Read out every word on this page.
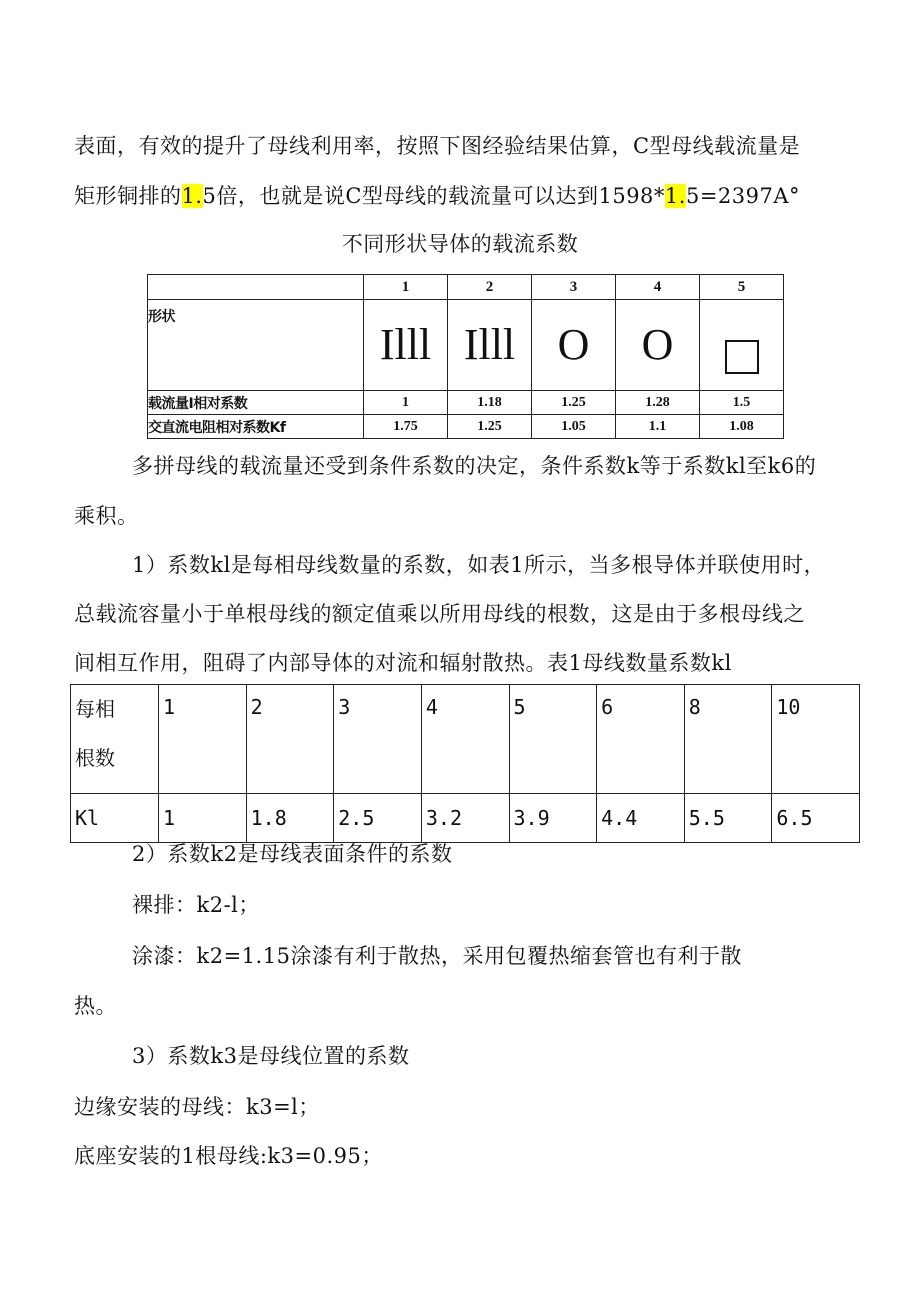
表面，有效的提升了母线利用率，按照下图经验结果估算，C型母线载流量是
矩形铜排的1.5倍，也就是说C型母线的载流量可以达到1598*1.5=2397A°
不同形状导体的载流系数
	1	2	3	4	5
形状	Illl	Illl	O	O	
载流量I相对系数	1	1.18	1.25	1.28	1.5
交直流电阻相对系数Kf	1.75	1.25	1.05	1.1	1.08
多拼母线的载流量还受到条件系数的决定，条件系数k等于系数kl至k6的
乘积。
1）系数kl是每相母线数量的系数，如表1所示，当多根导体并联使用时，
总载流容量小于单根母线的额定值乘以所用母线的根数，这是由于多根母线之
间相互作用，阻碍了内部导体的对流和辐射散热。表1母线数量系数kl
每相
根数	1	2	3	4	5	6	8	10
Kl	1	1.8	2.5	3.2	3.9	4.4	5.5	6.5
2）系数k2是母线表面条件的系数
裸排：k2-l；
涂漆：k2=1.15涂漆有利于散热，采用包覆热缩套管也有利于散
热。
3）系数k3是母线位置的系数
边缘安装的母线：k3=l；
底座安装的1根母线:k3=0.95；
